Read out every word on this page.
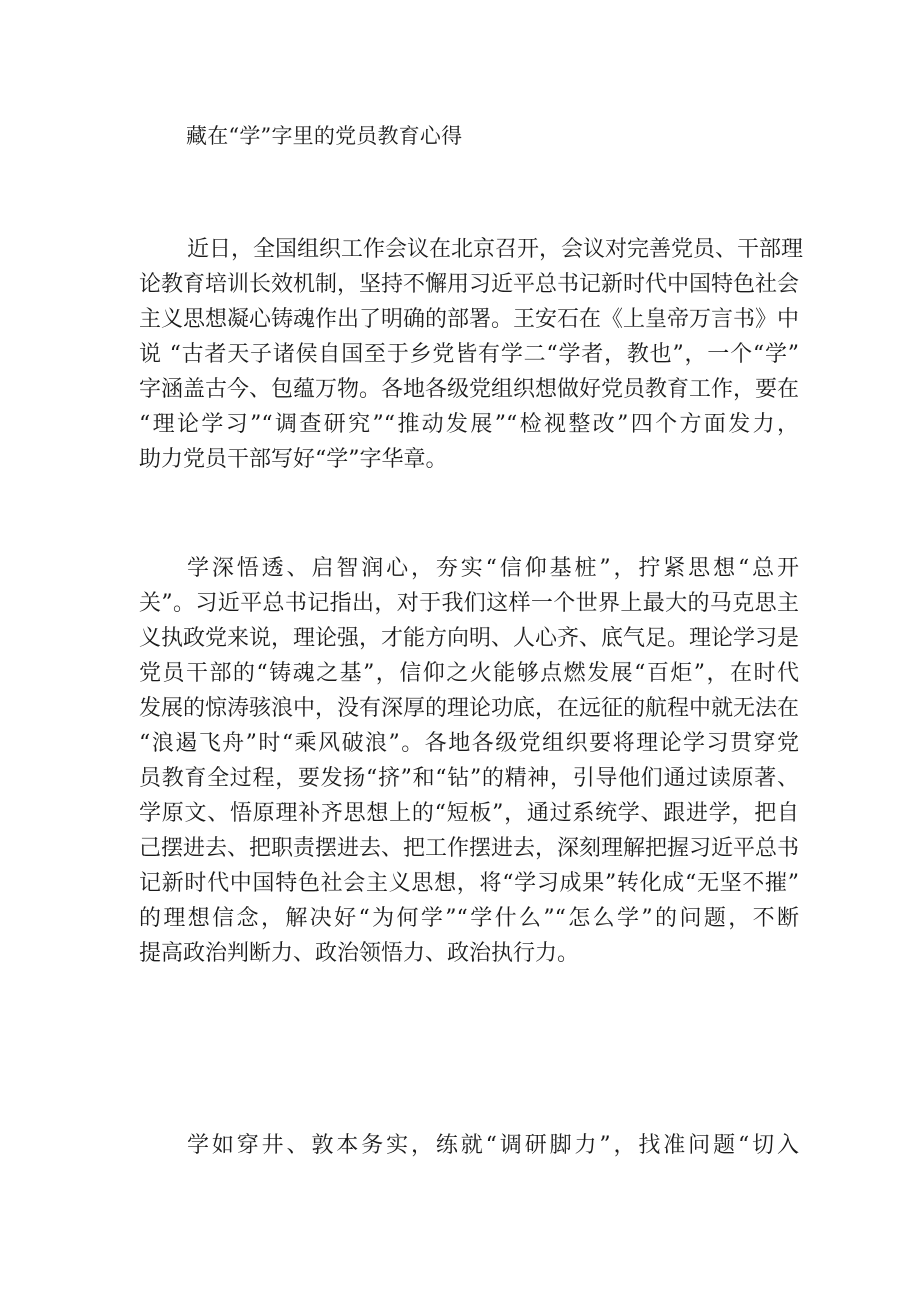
藏在“学”字里的党员教育心得
近日，全国组织工作会议在北京召开，会议对完善党员、干部理
论教育培训长效机制，坚持不懈用习近平总书记新时代中国特色社会
主义思想凝心铸魂作出了明确的部署。王安石在《上皇帝万言书》中
说 “古者天子诸侯自国至于乡党皆有学二“学者，教也”，一个“学”
字涵盖古今、包蕴万物。各地各级党组织想做好党员教育工作，要在
“理论学习”“调查研究”“推动发展”“检视整改”四个方面发力，
助力党员干部写好“学”字华章。
学深悟透、启智润心，夯实“信仰基桩”，拧紧思想“总开
关”。习近平总书记指出，对于我们这样一个世界上最大的马克思主
义执政党来说，理论强，才能方向明、人心齐、底气足。理论学习是
党员干部的“铸魂之基”，信仰之火能够点燃发展“百炬”，在时代
发展的惊涛骇浪中，没有深厚的理论功底，在远征的航程中就无法在
“浪遏飞舟”时“乘风破浪”。各地各级党组织要将理论学习贯穿党
员教育全过程，要发扬“挤”和“钻”的精神，引导他们通过读原著、
学原文、悟原理补齐思想上的“短板”，通过系统学、跟进学，把自
己摆进去、把职责摆进去、把工作摆进去，深刻理解把握习近平总书
记新时代中国特色社会主义思想，将“学习成果”转化成“无坚不摧”
的理想信念，解决好“为何学”“学什么”“怎么学”的问题，不断
提高政治判断力、政治领悟力、政治执行力。
学如穿井、敦本务实，练就“调研脚力”，找准问题“切入
